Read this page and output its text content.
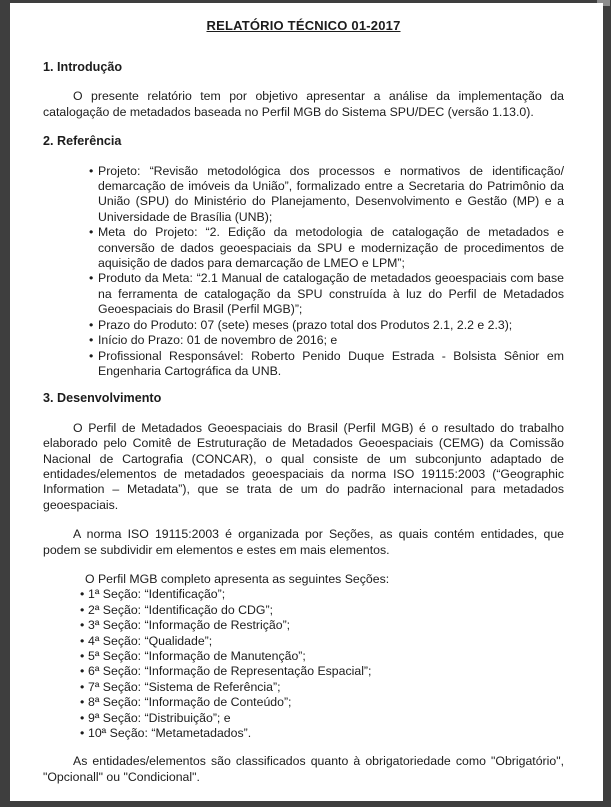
RELATÓRIO TÉCNICO 01-2017
1. Introdução

O presente relatório tem por objetivo apresentar a análise da implementação da catalogação de metadados baseada no Perfil MGB do Sistema SPU/DEC (versão 1.13.0).

2. Referência
• Projeto: “Revisão metodológica dos processos e normativos de identificação/ demarcação de imóveis da União”, formalizado entre a Secretaria do Patrimônio da União (SPU) do Ministério do Planejamento, Desenvolvimento e Gestão (MP) e a Universidade de Brasília (UNB);
• Meta do Projeto: “2. Edição da metodologia de catalogação de metadados e conversão de dados geoespaciais da SPU e modernização de procedimentos de aquisição de dados para demarcação de LMEO e LPM”;
• Produto da Meta: “2.1 Manual de catalogação de metadados geoespaciais com base na ferramenta de catalogação da SPU construída à luz do Perfil de Metadados Geoespaciais do Brasil (Perfil MGB)”;
• Prazo do Produto: 07 (sete) meses (prazo total dos Produtos 2.1, 2.2 e 2.3);
• Início do Prazo: 01 de novembro de 2016; e
• Profissional Responsável: Roberto Penido Duque Estrada - Bolsista Sênior em Engenharia Cartográfica da UNB.
3. Desenvolvimento

O Perfil de Metadados Geoespaciais do Brasil (Perfil MGB) é o resultado do trabalho elaborado pelo Comitê de Estruturação de Metadados Geoespaciais (CEMG) da Comissão Nacional de Cartografia (CONCAR), o qual consiste de um subconjunto adaptado de entidades/elementos de metadados geoespaciais da norma ISO 19115:2003 (“Geographic Information – Metadata”), que se trata de um do padrão internacional para metadados geoespaciais.

A norma ISO 19115:2003 é organizada por Seções, as quais contém entidades, que podem se subdividir em elementos e estes em mais elementos.

O Perfil MGB completo apresenta as seguintes Seções:

• 1ª Seção: “Identificação”;
• 2ª Seção: “Identificação do CDG”;
• 3ª Seção: “Informação de Restrição”;
• 4ª Seção: “Qualidade”;
• 5ª Seção: “Informação de Manutenção”;
• 6ª Seção: “Informação de Representação Espacial”;
• 7ª Seção: “Sistema de Referência”;
• 8ª Seção: “Informação de Conteúdo”;
• 9ª Seção: “Distribuição”; e
• 10ª Seção: “Metametadados”.

As entidades/elementos são classificados quanto à obrigatoriedade como "Obrigatório", "Opcionall" ou "Condicional".
